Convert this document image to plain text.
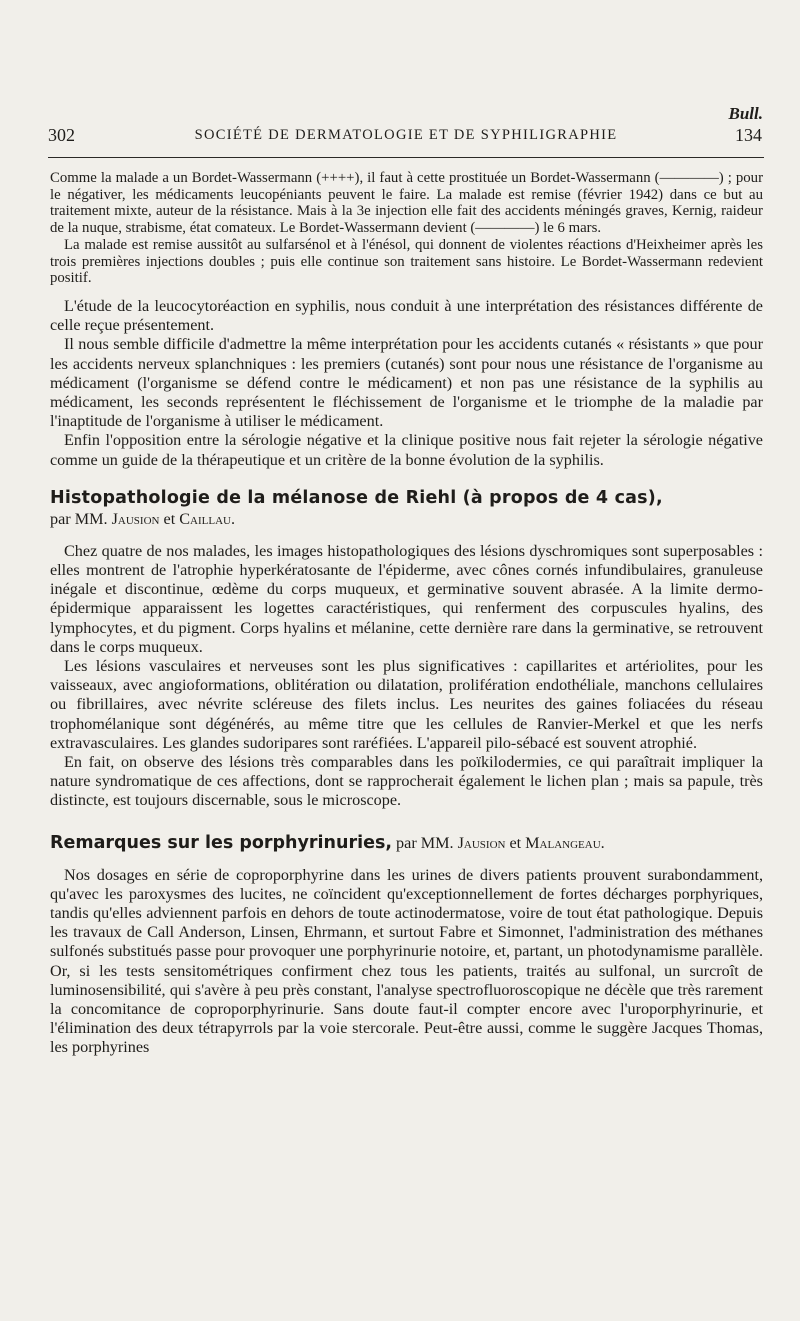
Bull.
302	SOCIÉTÉ DE DERMATOLOGIE ET DE SYPHILIGRAPHIE	134

Comme la malade a un Bordet-Wassermann (++++), il faut à cette prostituée un Bordet-Wassermann (————) ; pour le négativer, les médicaments leucopéniants peuvent le faire. La malade est remise (février 1942) dans ce but au traitement mixte, auteur de la résistance. Mais à la 3e injection elle fait des accidents méningés graves, Kernig, raideur de la nuque, strabisme, état comateux. Le Bordet-Wassermann devient (————) le 6 mars.

La malade est remise aussitôt au sulfarsénol et à l'énésol, qui donnent de violentes réactions d'Heixheimer après les trois premières injections doubles ; puis elle continue son traitement sans histoire. Le Bordet-Wassermann redevient positif.

L'étude de la leucocytoréaction en syphilis, nous conduit à une interprétation des résistances différente de celle reçue présentement.

Il nous semble difficile d'admettre la même interprétation pour les accidents cutanés « résistants » que pour les accidents nerveux splanchniques : les premiers (cutanés) sont pour nous une résistance de l'organisme au médicament (l'organisme se défend contre le médicament) et non pas une résistance de la syphilis au médicament, les seconds représentent le fléchissement de l'organisme et le triomphe de la maladie par l'inaptitude de l'organisme à utiliser le médicament.

Enfin l'opposition entre la sérologie négative et la clinique positive nous fait rejeter la sérologie négative comme un guide de la thérapeutique et un critère de la bonne évolution de la syphilis.

Histopathologie de la mélanose de Riehl (à propos de 4 cas),
par MM. Jausion et Caillau.

Chez quatre de nos malades, les images histopathologiques des lésions dyschromiques sont superposables : elles montrent de l'atrophie hyperkératosante de l'épiderme, avec cônes cornés infundibulaires, granuleuse inégale et discontinue, œdème du corps muqueux, et germinative souvent abrasée. A la limite dermo-épidermique apparaissent les logettes caractéristiques, qui renferment des corpuscules hyalins, des lymphocytes, et du pigment. Corps hyalins et mélanine, cette dernière rare dans la germinative, se retrouvent dans le corps muqueux.

Les lésions vasculaires et nerveuses sont les plus significatives : capillarites et artériolites, pour les vaisseaux, avec angioformations, oblitération ou dilatation, prolifération endothéliale, manchons cellulaires ou fibrillaires, avec névrite scléreuse des filets inclus. Les neurites des gaines foliacées du réseau trophomélanique sont dégénérés, au même titre que les cellules de Ranvier-Merkel et que les nerfs extravasculaires. Les glandes sudoripares sont raréfiées. L'appareil pilo-sébacé est souvent atrophié.

En fait, on observe des lésions très comparables dans les poïkilodermies, ce qui paraîtrait impliquer la nature syndromatique de ces affections, dont se rapprocherait également le lichen plan ; mais sa papule, très distincte, est toujours discernable, sous le microscope.

Remarques sur les porphyrinuries, par MM. Jausion et Malangeau.

Nos dosages en série de coproporphyrine dans les urines de divers patients prouvent surabondamment, qu'avec les paroxysmes des lucites, ne coïncident qu'exceptionnellement de fortes décharges porphyriques, tandis qu'elles adviennent parfois en dehors de toute actinodermatose, voire de tout état pathologique. Depuis les travaux de Call Anderson, Linsen, Ehrmann, et surtout Fabre et Simonnet, l'administration des méthanes sulfonés substitués passe pour provoquer une porphyrinurie notoire, et, partant, un photodynamisme parallèle. Or, si les tests sensitométriques confirment chez tous les patients, traités au sulfonal, un surcroît de luminosensibilité, qui s'avère à peu près constant, l'analyse spectrofluoroscopique ne décèle que très rarement la concomitance de coproporphyrinurie. Sans doute faut-il compter encore avec l'uroporphyrinurie, et l'élimination des deux tétrapyrrols par la voie stercorale. Peut-être aussi, comme le suggère Jacques Thomas, les porphyrines
